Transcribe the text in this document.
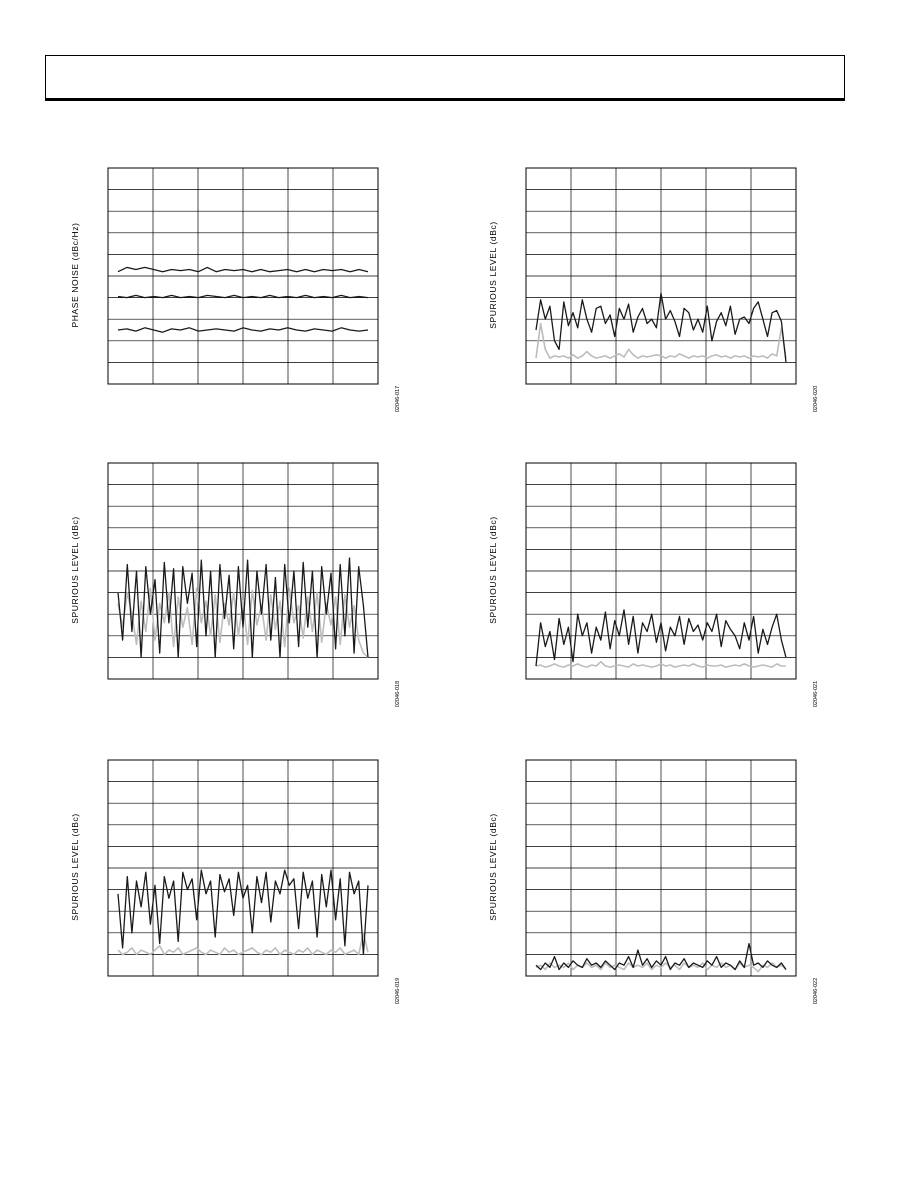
PHASE NOISE (dBc/Hz)
02046-017
SPURIOUS LEVEL (dBc)
02046-020
SPURIOUS LEVEL (dBc)
02046-018
SPURIOUS LEVEL (dBc)
02046-021
SPURIOUS LEVEL (dBc)
02046-019
SPURIOUS LEVEL (dBc)
02046-022
